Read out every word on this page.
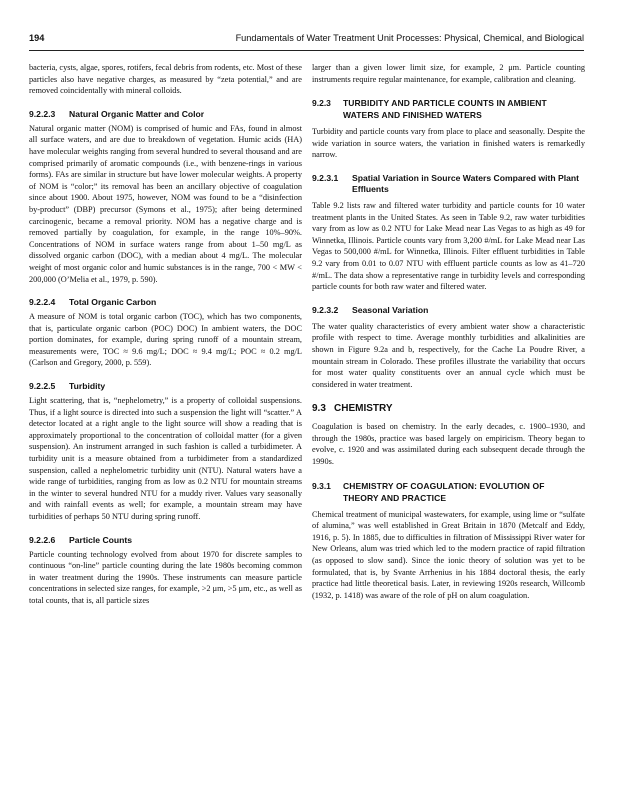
194	Fundamentals of Water Treatment Unit Processes: Physical, Chemical, and Biological

bacteria, cysts, algae, spores, rotifers, fecal debris from rodents, etc. Most of these particles also have negative charges, as measured by “zeta potential,” and are removed coincidentally with mineral colloids.

9.2.2.3 Natural Organic Matter and Color

Natural organic matter (NOM) is comprised of humic and FAs, found in almost all surface waters, and are due to breakdown of vegetation. Humic acids (HA) have molecular weights ranging from several hundred to several thousand and are comprised primarily of aromatic compounds (i.e., with benzene-rings in various forms). FAs are similar in structure but have lower molecular weights. A property of NOM is “color;” its removal has been an ancillary objective of coagulation since about 1900. About 1975, however, NOM was found to be a “disinfection by-product” (DBP) precursor (Symons et al., 1975); after being determined carcinogenic, became a removal priority. NOM has a negative charge and is removed partially by coagulation, for example, in the range 10%–90%. Concentrations of NOM in surface waters range from about 1–50 mg/L as dissolved organic carbon (DOC), with a median about 4 mg/L. The molecular weight of most organic color and humic substances is in the range, 700 < MW < 200,000 (O’Melia et al., 1979, p. 590).

9.2.2.4 Total Organic Carbon

A measure of NOM is total organic carbon (TOC), which has two components, that is, particulate organic carbon (POC) DOC) In ambient waters, the DOC portion dominates, for example, during spring runoff of a mountain stream, measurements were, TOC ≈ 9.6 mg/L; DOC ≈ 9.4 mg/L; POC ≈ 0.2 mg/L (Carlson and Gregory, 2000, p. 559).

9.2.2.5 Turbidity

Light scattering, that is, “nephelometry,” is a property of colloidal suspensions. Thus, if a light source is directed into such a suspension the light will “scatter.” A detector located at a right angle to the light source will show a reading that is approximately proportional to the concentration of colloidal matter (for a given suspension). An instrument arranged in such fashion is called a turbidimeter. A turbidity unit is a measure obtained from a turbidimeter from a standardized suspension, called a nephelometric turbidity unit (NTU). Natural waters have a wide range of turbidities, ranging from as low as 0.2 NTU for mountain streams in the winter to several hundred NTU for a muddy river. Values vary seasonally and with rainfall events as well; for example, a mountain stream may have turbidities of perhaps 50 NTU during spring runoff.

9.2.2.6 Particle Counts

Particle counting technology evolved from about 1970 for discrete samples to continuous “on-line” particle counting during the late 1980s becoming common in water treatment during the 1990s. These instruments can measure particle concentrations in selected size ranges, for example, >2 μm, >5 μm, etc., as well as total counts, that is, all particle sizes

larger than a given lower limit size, for example, 2 μm. Particle counting instruments require regular maintenance, for example, calibration and cleaning.

9.2.3 TURBIDITY AND PARTICLE COUNTS IN AMBIENT WATERS AND FINISHED WATERS

Turbidity and particle counts vary from place to place and seasonally. Despite the wide variation in source waters, the variation in finished waters is remarkedly narrow.

9.2.3.1 Spatial Variation in Source Waters Compared with Plant Effluents

Table 9.2 lists raw and filtered water turbidity and particle counts for 10 water treatment plants in the United States. As seen in Table 9.2, raw water turbidities vary from as low as 0.2 NTU for Lake Mead near Las Vegas to as high as 49 for Winnetka, Illinois. Particle counts vary from 3,200 #/mL for Lake Mead near Las Vegas to 500,000 #/mL for Winnetka, Illinois. Filter effluent turbidities in Table 9.2 vary from 0.01 to 0.07 NTU with effluent particle counts as low as 41–720 #/mL. The data show a representative range in turbidity levels and corresponding particle counts for both raw water and filtered water.

9.2.3.2 Seasonal Variation

The water quality characteristics of every ambient water show a characteristic profile with respect to time. Average monthly turbidities and alkalinities are shown in Figure 9.2a and b, respectively, for the Cache La Poudre River, a mountain stream in Colorado. These profiles illustrate the variability that occurs for most water quality constituents over an annual cycle which must be considered in water treatment.

9.3 CHEMISTRY

Coagulation is based on chemistry. In the early decades, c. 1900–1930, and through the 1980s, practice was based largely on empiricism. Theory began to evolve, c. 1920 and was assimilated during each subsequent decade through the 1990s.

9.3.1 CHEMISTRY OF COAGULATION: EVOLUTION OF THEORY AND PRACTICE

Chemical treatment of municipal wastewaters, for example, using lime or “sulfate of alumina,” was well established in Great Britain in 1870 (Metcalf and Eddy, 1916, p. 5). In 1885, due to difficulties in filtration of Mississippi River water for New Orleans, alum was tried which led to the modern practice of rapid filtration (as opposed to slow sand). Since the ionic theory of solution was yet to be formulated, that is, by Svante Arrhenius in his 1884 doctoral thesis, the early practice had little theoretical basis. Later, in reviewing 1920s research, Willcomb (1932, p. 1418) was aware of the role of pH on alum coagulation.
